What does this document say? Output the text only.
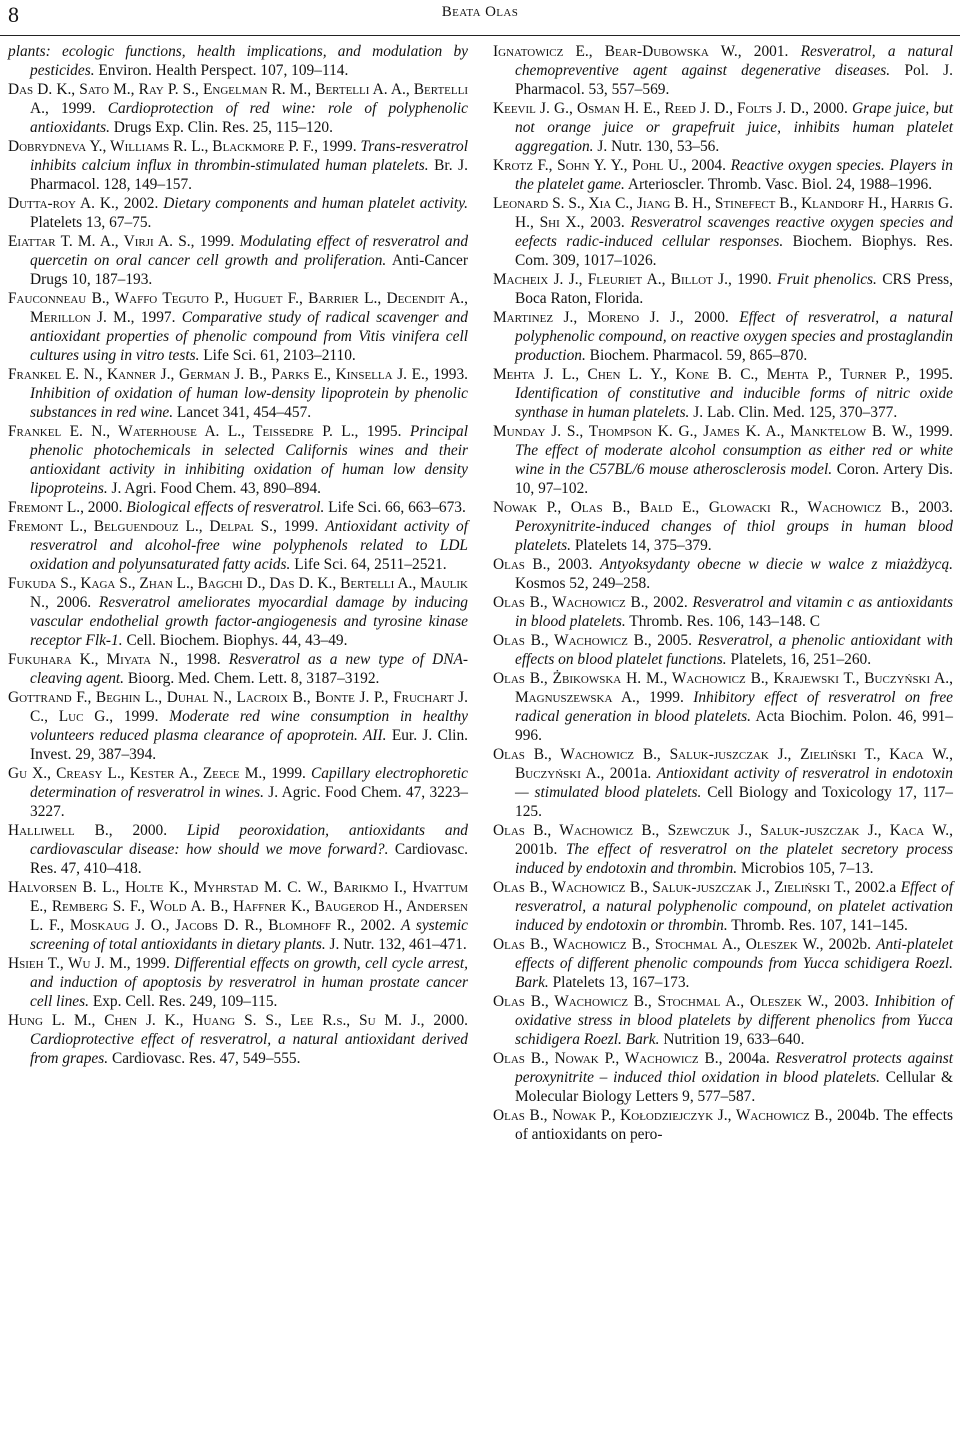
8	Beata Olas

plants: ecologic functions, health implications, and modulation by pesticides. Environ. Health Perspect. 107, 109–114.

Das D. K., Sato M., Ray P. S., Engelman R. M., Bertelli A. A., Bertelli A., 1999. Cardioprotection of red wine: role of polyphenolic antioxidants. Drugs Exp. Clin. Res. 25, 115–120.

Dobrydneva Y., Williams R. L., Blackmore P. F., 1999. Trans-resveratrol inhibits calcium influx in thrombin-stimulated human platelets. Br. J. Pharmacol. 128, 149–157.

Dutta-roy A. K., 2002. Dietary components and human platelet activity. Platelets 13, 67–75.

Eiattar T. M. A., Virji A. S., 1999. Modulating effect of resveratrol and quercetin on oral cancer cell growth and proliferation. Anti-Cancer Drugs 10, 187–193.

Fauconneau B., Waffo Teguto P., Huguet F., Barrier L., Decendit A., Merillon J. M., 1997. Comparative study of radical scavenger and antioxidant properties of phenolic compound from Vitis vinifera cell cultures using in vitro tests. Life Sci. 61, 2103–2110.

Frankel E. N., Kanner J., German J. B., Parks E., Kinsella J. E., 1993. Inhibition of oxidation of human low-density lipoprotein by phenolic substances in red wine. Lancet 341, 454–457.

Frankel E. N., Waterhouse A. L., Teissedre P. L., 1995. Principal phenolic photochemicals in selected Californis wines and their antioxidant activity in inhibiting oxidation of human low density lipoproteins. J. Agri. Food Chem. 43, 890–894.

Fremont L., 2000. Biological effects of resveratrol. Life Sci. 66, 663–673.

Fremont L., Belguendouz L., Delpal S., 1999. Antioxidant activity of resveratrol and alcohol-free wine polyphenols related to LDL oxidation and polyunsaturated fatty acids. Life Sci. 64, 2511–2521.

Fukuda S., Kaga S., Zhan L., Bagchi D., Das D. K., Bertelli A., Maulik N., 2006. Resveratrol ameliorates myocardial damage by inducing vascular endothelial growth factor-angiogenesis and tyrosine kinase receptor Flk-1. Cell. Biochem. Biophys. 44, 43–49.

Fukuhara K., Miyata N., 1998. Resveratrol as a new type of DNA-cleaving agent. Bioorg. Med. Chem. Lett. 8, 3187–3192.

Gottrand F., Beghin L., Duhal N., Lacroix B., Bonte J. P., Fruchart J. C., Luc G., 1999. Moderate red wine consumption in healthy volunteers reduced plasma clearance of apoprotein. AII. Eur. J. Clin. Invest. 29, 387–394.

Gu X., Creasy L., Kester A., Zeece M., 1999. Capillary electrophoretic determination of resveratrol in wines. J. Agric. Food Chem. 47, 3223–3227.

Halliwell B., 2000. Lipid peoroxidation, antioxidants and cardiovascular disease: how should we move forward?. Cardiovasc. Res. 47, 410–418.

Halvorsen B. L., Holte K., Myhrstad M. C. W., Barikmo I., Hvattum E., Remberg S. F., Wold A. B., Haffner K., Baugerod H., Andersen L. F., Moskaug J. O., Jacobs D. R., Blomhoff R., 2002. A systemic screening of total antioxidants in dietary plants. J. Nutr. 132, 461–471.

Hsieh T., Wu J. M., 1999. Differential effects on growth, cell cycle arrest, and induction of apoptosis by resveratrol in human prostate cancer cell lines. Exp. Cell. Res. 249, 109–115.

Hung L. M., Chen J. K., Huang S. S., Lee R.s., Su M. J., 2000. Cardioprotective effect of resveratrol, a natural antioxidant derived from grapes. Cardiovasc. Res. 47, 549–555.

Ignatowicz E., Bear-Dubowska W., 2001. Resveratrol, a natural chemopreventive agent against degenerative diseases. Pol. J. Pharmacol. 53, 557–569.

Keevil J. G., Osman H. E., Reed J. D., Folts J. D., 2000. Grape juice, but not orange juice or grapefruit juice, inhibits human platelet aggregation. J. Nutr. 130, 53–56.

Krotz F., Sohn Y. Y., Pohl U., 2004. Reactive oxygen species. Players in the platelet game. Arterioscler. Thromb. Vasc. Biol. 24, 1988–1996.

Leonard S. S., Xia C., Jiang B. H., Stinefect B., Klandorf H., Harris G. H., Shi X., 2003. Resveratrol scavenges reactive oxygen species and eefects radic-induced cellular responses. Biochem. Biophys. Res. Com. 309, 1017–1026.

Macheix J. J., Fleuriet A., Billot J., 1990. Fruit phenolics. CRS Press, Boca Raton, Florida.

Martinez J., Moreno J. J., 2000. Effect of resveratrol, a natural polyphenolic compound, on reactive oxygen species and prostaglandin production. Biochem. Pharmacol. 59, 865–870.

Mehta J. L., Chen L. Y., Kone B. C., Mehta P., Turner P., 1995. Identification of constitutive and inducible forms of nitric oxide synthase in human platelets. J. Lab. Clin. Med. 125, 370–377.

Munday J. S., Thompson K. G., James K. A., Manktelow B. W., 1999. The effect of moderate alcohol consumption as either red or white wine in the C57BL/6 mouse atherosclerosis model. Coron. Artery Dis. 10, 97–102.

Nowak P., Olas B., Bald E., Glowacki R., Wachowicz B., 2003. Peroxynitrite-induced changes of thiol groups in human blood platelets. Platelets 14, 375–379.

Olas B., 2003. Antyoksydanty obecne w diecie w walce z miażdżycą. Kosmos 52, 249–258.

Olas B., Wachowicz B., 2002. Resveratrol and vitamin c as antioxidants in blood platelets. Thromb. Res. 106, 143–148. C

Olas B., Wachowicz B., 2005. Resveratrol, a phenolic antioxidant with effects on blood platelet functions. Platelets, 16, 251–260.

Olas B., Żbikowska H. M., Wachowicz B., Krajewski T., Buczyński A., Magnuszewska A., 1999. Inhibitory effect of resveratrol on free radical generation in blood platelets. Acta Biochim. Polon. 46, 991–996.

Olas B., Wachowicz B., Saluk-juszczak J., Zieliński T., Kaca W., Buczyński A., 2001a. Antioxidant activity of resveratrol in endotoxin — stimulated blood platelets. Cell Biology and Toxicology 17, 117–125.

Olas B., Wachowicz B., Szewczuk J., Saluk-juszczak J., Kaca W., 2001b. The effect of resveratrol on the platelet secretory process induced by endotoxin and thrombin. Microbios 105, 7–13.

Olas B., Wachowicz B., Saluk-juszczak J., Zieliński T., 2002.a Effect of resveratrol, a natural polyphenolic compound, on platelet activation induced by endotoxin or thrombin. Thromb. Res. 107, 141–145.

Olas B., Wachowicz B., Stochmal A., Oleszek W., 2002b. Anti-platelet effects of different phenolic compounds from Yucca schidigera Roezl. Bark. Platelets 13, 167–173.

Olas B., Wachowicz B., Stochmal A., Oleszek W., 2003. Inhibition of oxidative stress in blood platelets by different phenolics from Yucca schidigera Roezl. Bark. Nutrition 19, 633–640.

Olas B., Nowak P., Wachowicz B., 2004a. Resveratrol protects against peroxynitrite – induced thiol oxidation in blood platelets. Cellular & Molecular Biology Letters 9, 577–587.

Olas B., Nowak P., Kołodziejczyk J., Wachowicz B., 2004b. The effects of antioxidants on pero-
